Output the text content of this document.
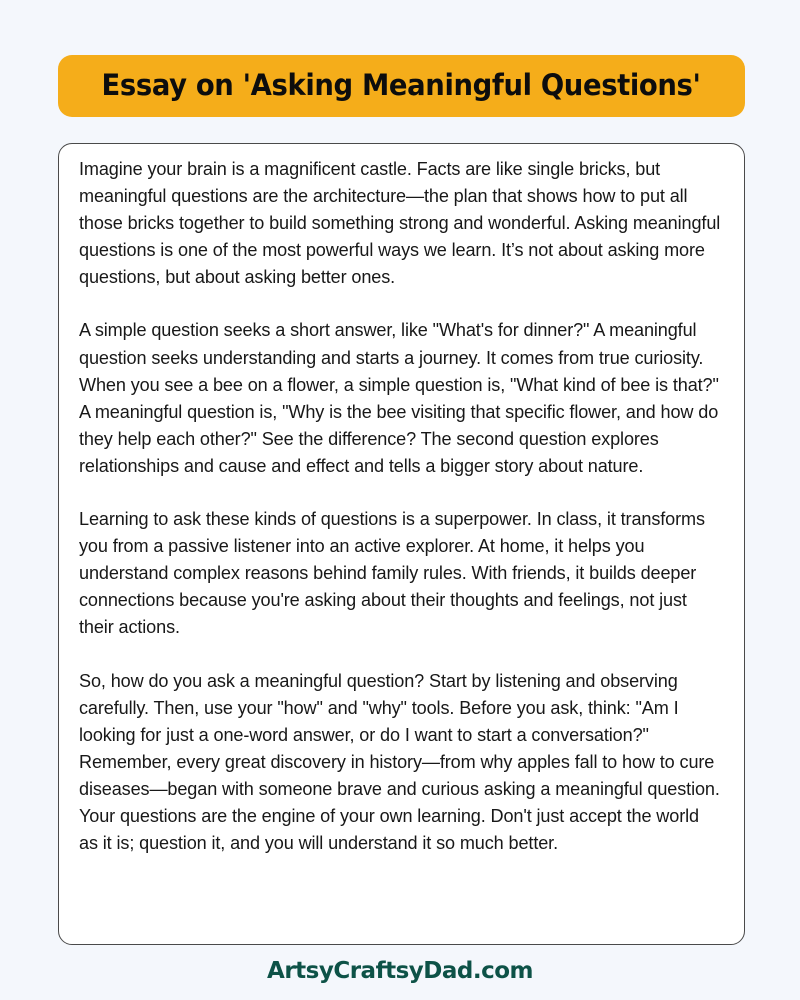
Essay on 'Asking Meaningful Questions'

Imagine your brain is a magnificent castle. Facts are like single bricks, but meaningful questions are the architecture—the plan that shows how to put all those bricks together to build something strong and wonderful. Asking meaningful questions is one of the most powerful ways we learn. It’s not about asking more questions, but about asking better ones.

A simple question seeks a short answer, like "What's for dinner?" A meaningful question seeks understanding and starts a journey. It comes from true curiosity. When you see a bee on a flower, a simple question is, "What kind of bee is that?" A meaningful question is, "Why is the bee visiting that specific flower, and how do they help each other?" See the difference? The second question explores relationships and cause and effect and tells a bigger story about nature.

Learning to ask these kinds of questions is a superpower. In class, it transforms you from a passive listener into an active explorer. At home, it helps you understand complex reasons behind family rules. With friends, it builds deeper connections because you're asking about their thoughts and feelings, not just their actions.

So, how do you ask a meaningful question? Start by listening and observing carefully. Then, use your "how" and "why" tools. Before you ask, think: "Am I looking for just a one-word answer, or do I want to start a conversation?" Remember, every great discovery in history—from why apples fall to how to cure diseases—began with someone brave and curious asking a meaningful question. Your questions are the engine of your own learning. Don't just accept the world as it is; question it, and you will understand it so much better.

ArtsyCraftsyDad.com
